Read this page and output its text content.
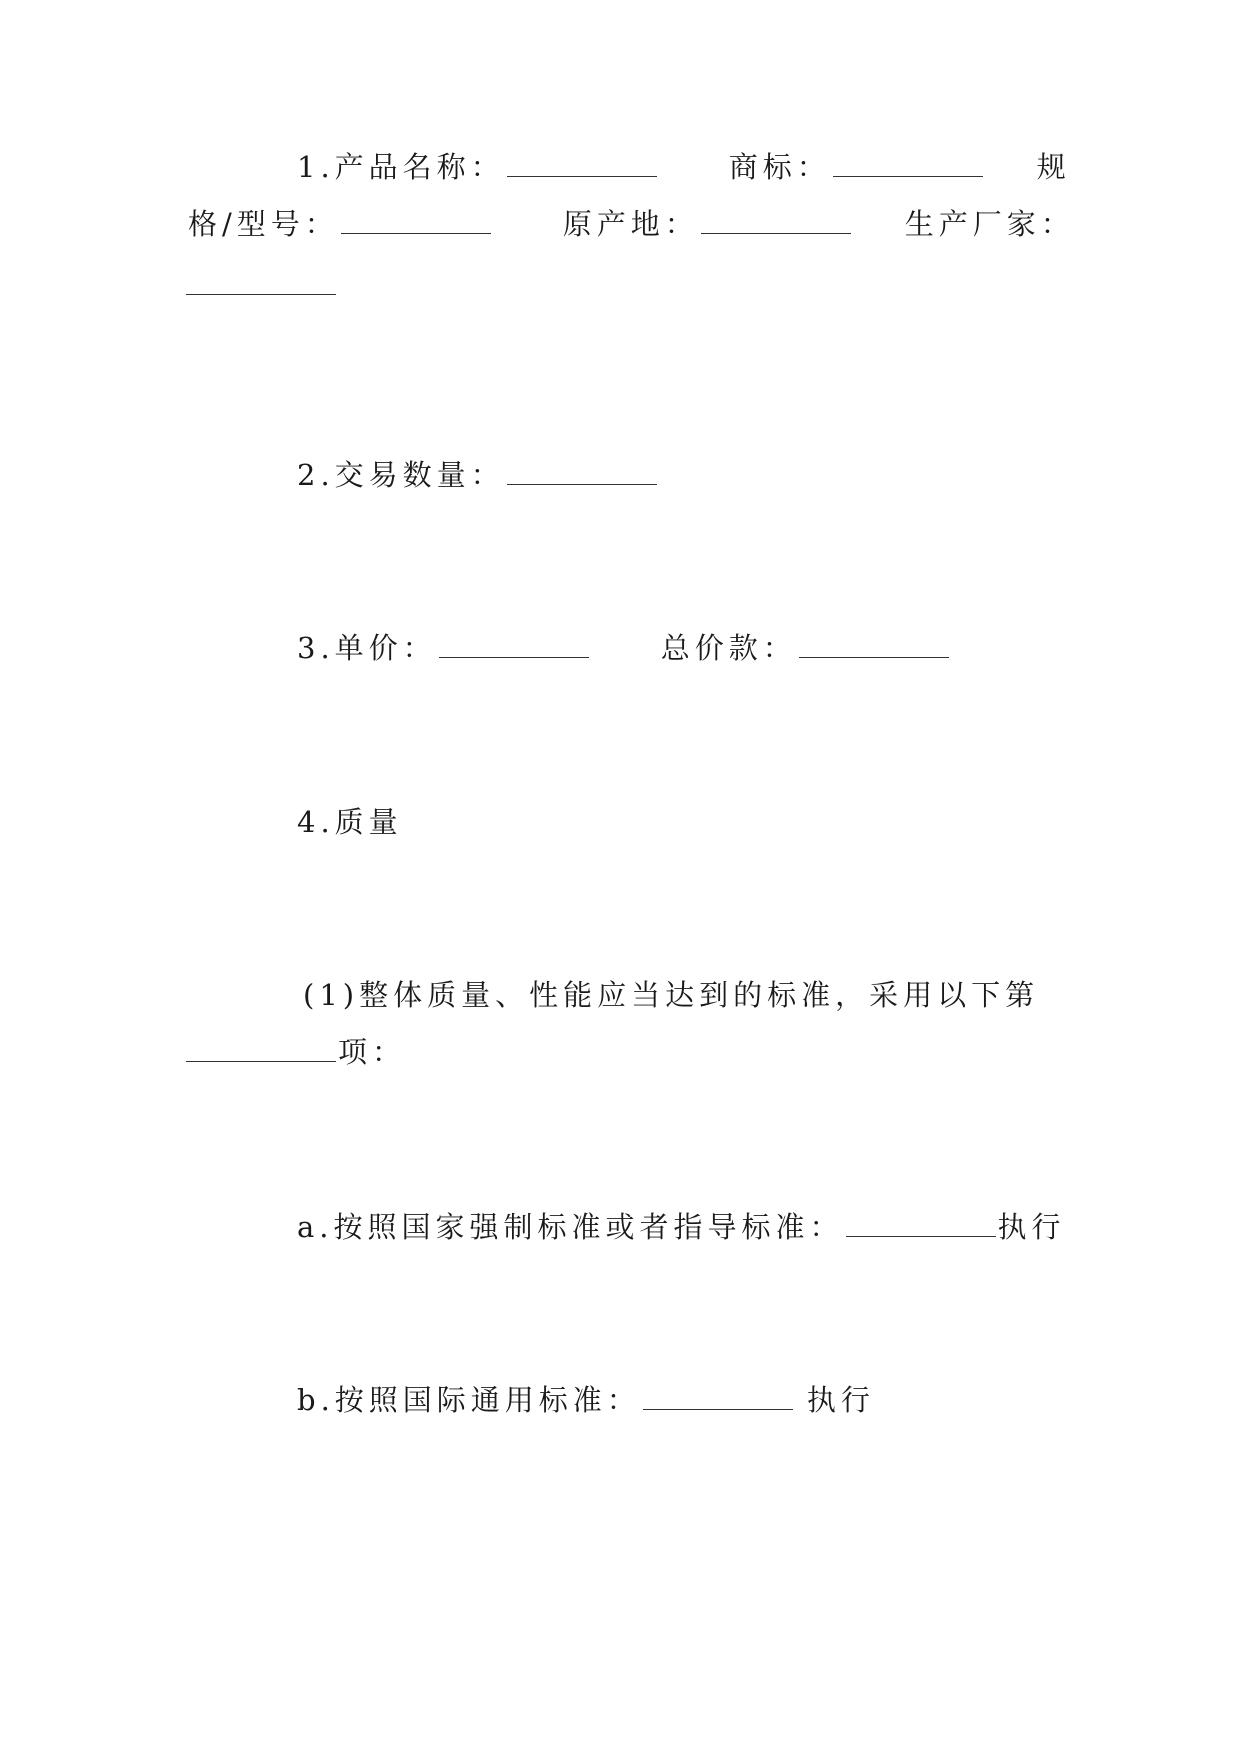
1.产品名称：	商标：	规
格/型号：	原产地：	生产厂家：
2.交易数量：
3.单价：	总价款：
4.质量
(1)整体质量、性能应当达到的标准，采用以下第
项：
a.按照国家强制标准或者指导标准：	执行
b.按照国际通用标准：	执行
